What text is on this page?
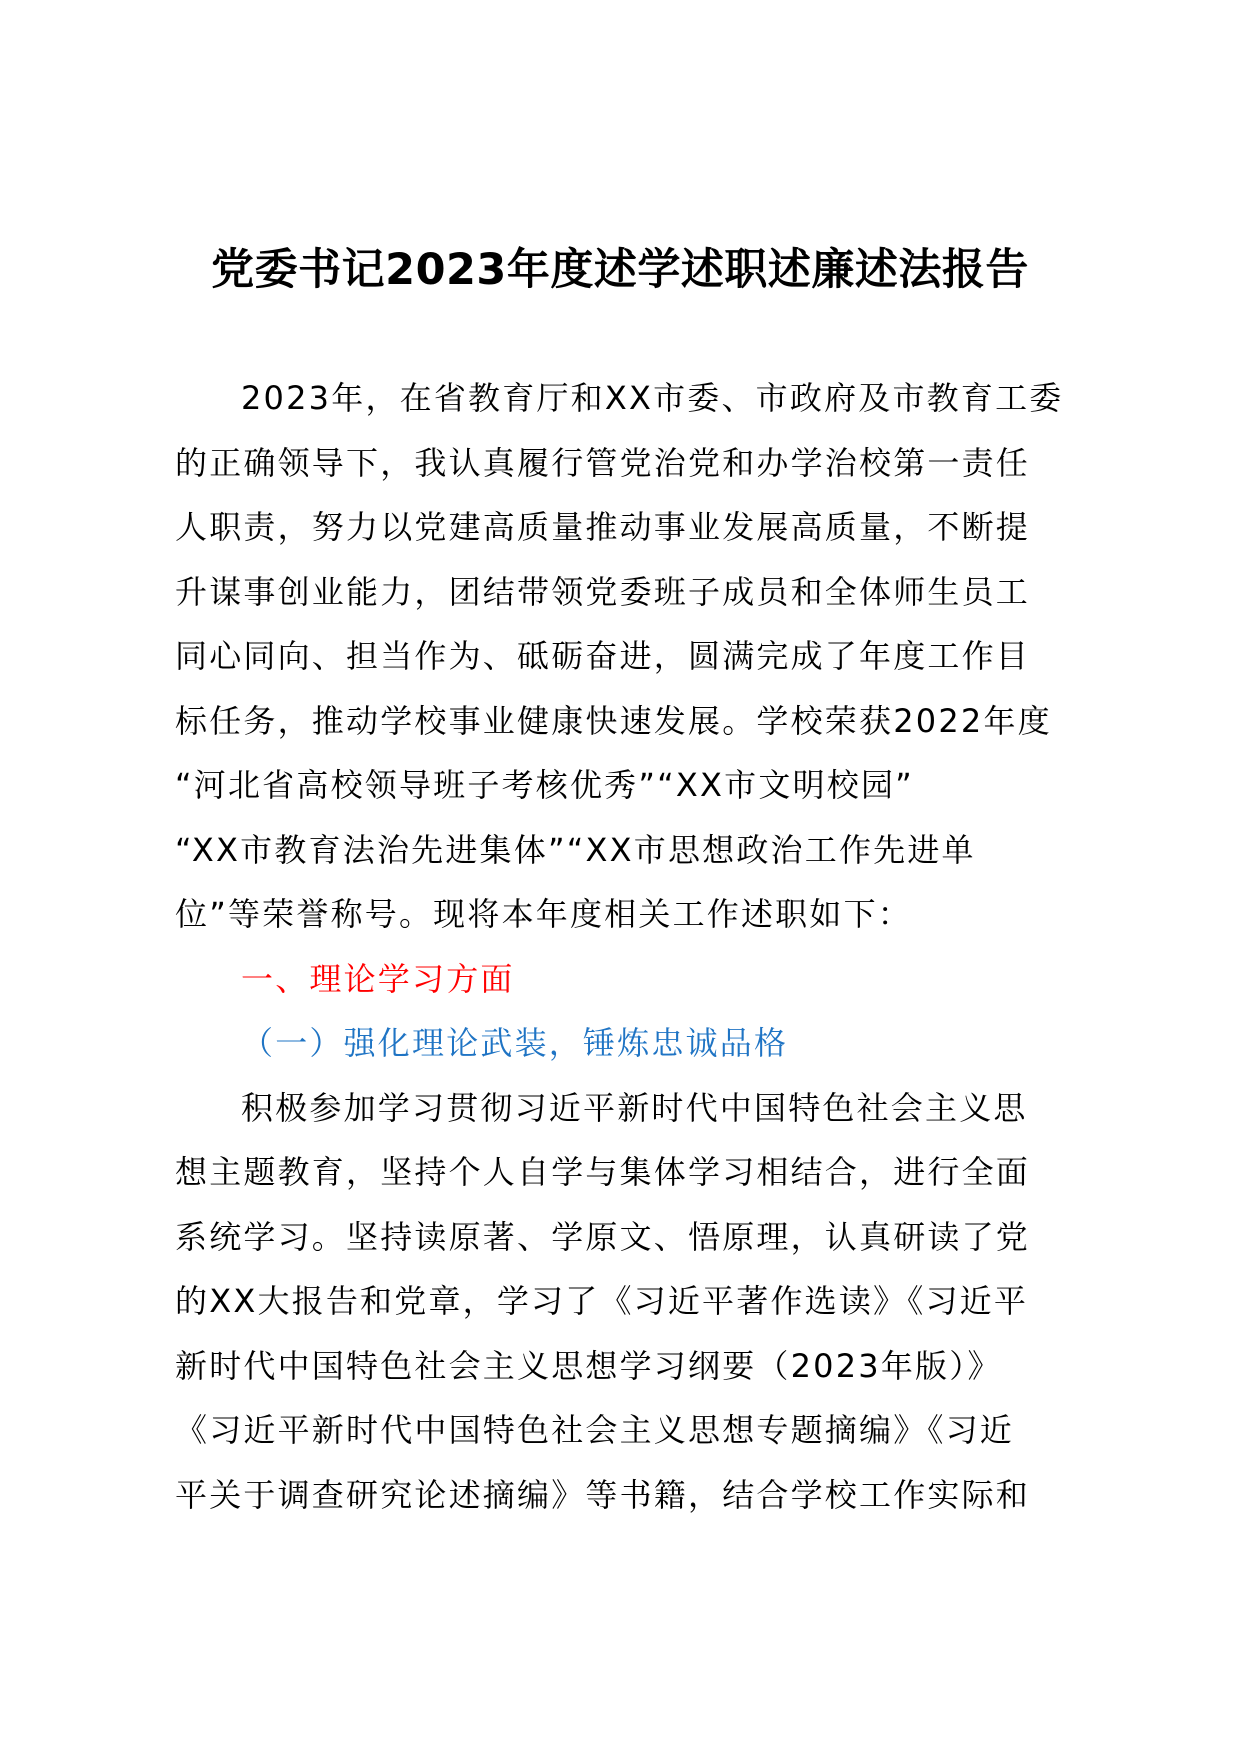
党委书记2023年度述学述职述廉述法报告
2023年，在省教育厅和XX市委、市政府及市教育工委
的正确领导下，我认真履行管党治党和办学治校第一责任
人职责，努力以党建高质量推动事业发展高质量，不断提
升谋事创业能力，团结带领党委班子成员和全体师生员工
同心同向、担当作为、砥砺奋进，圆满完成了年度工作目
标任务，推动学校事业健康快速发展。学校荣获2022年度
“河北省高校领导班子考核优秀”“XX市文明校园”
“XX市教育法治先进集体”“XX市思想政治工作先进单
位”等荣誉称号。现将本年度相关工作述职如下：
一、理论学习方面
（一）强化理论武装，锤炼忠诚品格
积极参加学习贯彻习近平新时代中国特色社会主义思
想主题教育，坚持个人自学与集体学习相结合，进行全面
系统学习。坚持读原著、学原文、悟原理，认真研读了党
的XX大报告和党章，学习了《习近平著作选读》《习近平
新时代中国特色社会主义思想学习纲要（2023年版）》
《习近平新时代中国特色社会主义思想专题摘编》《习近
平关于调查研究论述摘编》等书籍，结合学校工作实际和
